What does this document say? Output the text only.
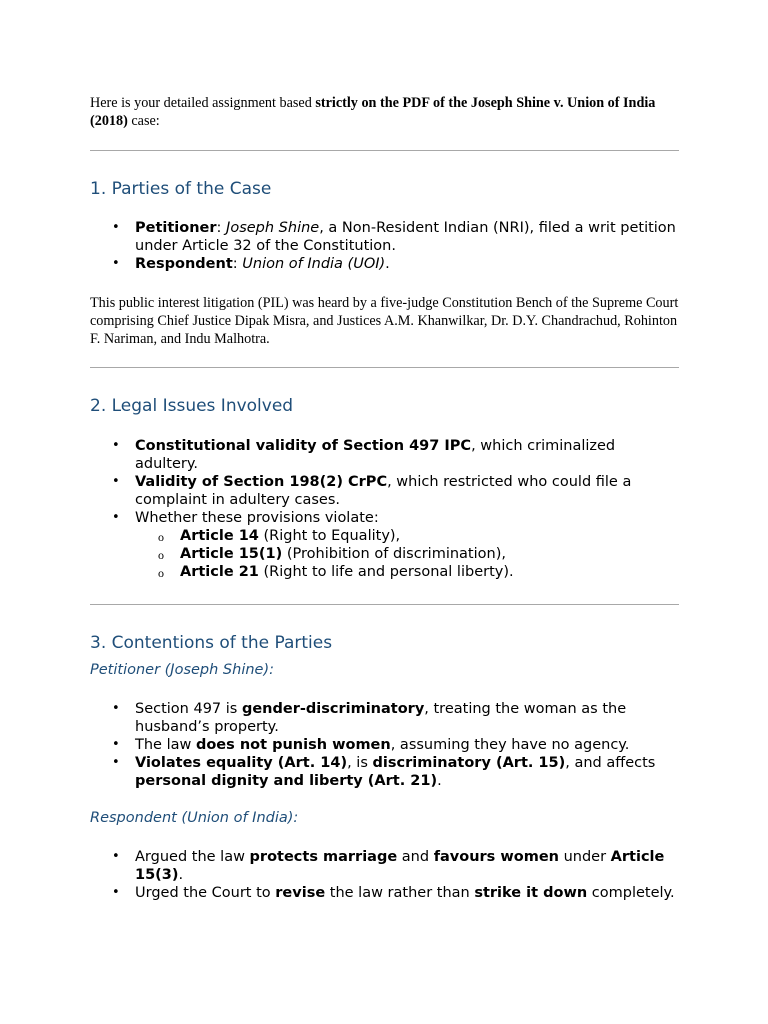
Here is your detailed assignment based strictly on the PDF of the Joseph Shine v. Union of India (2018) case:
1. Parties of the Case
• Petitioner: Joseph Shine, a Non-Resident Indian (NRI), filed a writ petition under Article 32 of the Constitution.
• Respondent: Union of India (UOI).
This public interest litigation (PIL) was heard by a five-judge Constitution Bench of the Supreme Court comprising Chief Justice Dipak Misra, and Justices A.M. Khanwilkar, Dr. D.Y. Chandrachud, Rohinton F. Nariman, and Indu Malhotra.
2. Legal Issues Involved
• Constitutional validity of Section 497 IPC, which criminalized adultery.
• Validity of Section 198(2) CrPC, which restricted who could file a complaint in adultery cases.
• Whether these provisions violate:
o Article 14 (Right to Equality),
o Article 15(1) (Prohibition of discrimination),
o Article 21 (Right to life and personal liberty).
3. Contentions of the Parties
Petitioner (Joseph Shine):
• Section 497 is gender-discriminatory, treating the woman as the husband’s property.
• The law does not punish women, assuming they have no agency.
• Violates equality (Art. 14), is discriminatory (Art. 15), and affects personal dignity and liberty (Art. 21).
Respondent (Union of India):
• Argued the law protects marriage and favours women under Article 15(3).
• Urged the Court to revise the law rather than strike it down completely.
